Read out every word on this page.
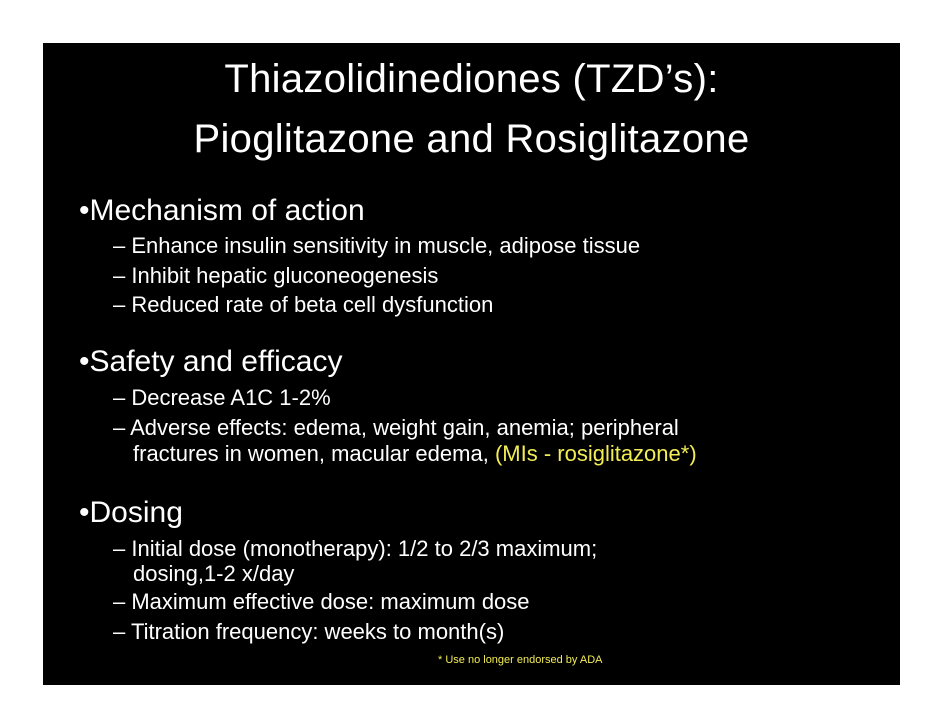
Thiazolidinediones (TZD’s):
Pioglitazone and Rosiglitazone
•Mechanism of action
– Enhance insulin sensitivity in muscle, adipose tissue
– Inhibit hepatic gluconeogenesis
– Reduced rate of beta cell dysfunction
•Safety and efficacy
– Decrease A1C 1-2%
– Adverse effects: edema, weight gain, anemia; peripheral
fractures in women, macular edema, (MIs - rosiglitazone*)
•Dosing
– Initial dose (monotherapy): 1/2 to 2/3 maximum;
dosing,1-2 x/day
– Maximum effective dose: maximum dose
– Titration frequency: weeks to month(s)
* Use no longer endorsed by ADA
